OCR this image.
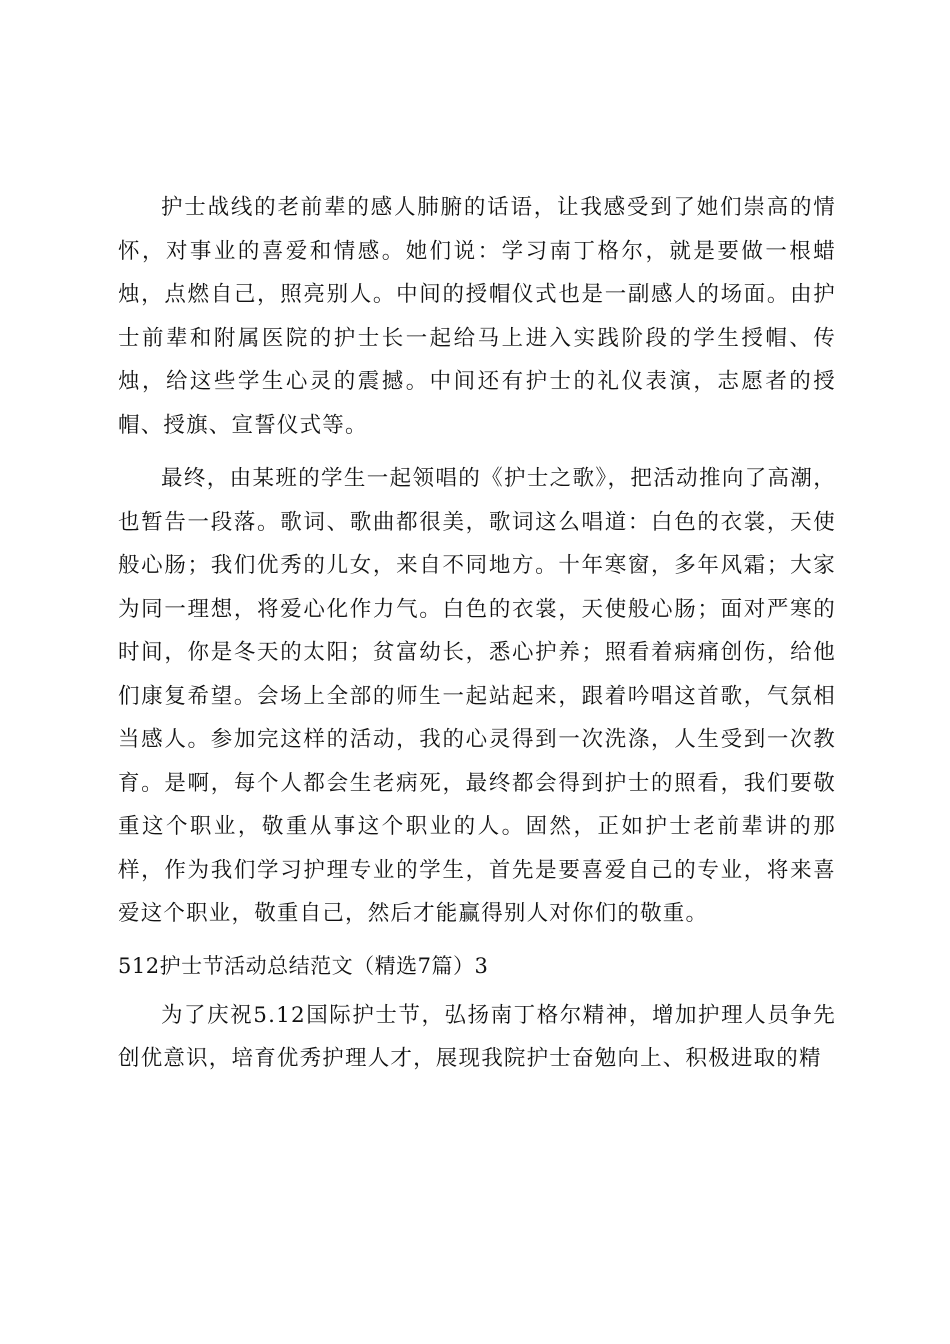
护士战线的老前辈的感人肺腑的话语，让我感受到了她们崇高的情怀，对事业的喜爱和情感。她们说：学习南丁格尔，就是要做一根蜡烛，点燃自己，照亮别人。中间的授帽仪式也是一副感人的场面。由护士前辈和附属医院的护士长一起给马上进入实践阶段的学生授帽、传烛，给这些学生心灵的震撼。中间还有护士的礼仪表演，志愿者的授帽、授旗、宣誓仪式等。

最终，由某班的学生一起领唱的《护士之歌》，把活动推向了高潮，也暂告一段落。歌词、歌曲都很美，歌词这么唱道：白色的衣裳，天使般心肠；我们优秀的儿女，来自不同地方。十年寒窗，多年风霜；大家为同一理想，将爱心化作力气。白色的衣裳，天使般心肠；面对严寒的时间，你是冬天的太阳；贫富幼长，悉心护养；照看着病痛创伤，给他们康复希望。会场上全部的师生一起站起来，跟着吟唱这首歌，气氛相当感人。参加完这样的活动，我的心灵得到一次洗涤，人生受到一次教育。是啊，每个人都会生老病死，最终都会得到护士的照看，我们要敬重这个职业，敬重从事这个职业的人。固然，正如护士老前辈讲的那样，作为我们学习护理专业的学生，首先是要喜爱自己的专业，将来喜爱这个职业，敬重自己，然后才能赢得别人对你们的敬重。

512护士节活动总结范文（精选7篇）3

为了庆祝5.12国际护士节，弘扬南丁格尔精神，增加护理人员争先创优意识，培育优秀护理人才，展现我院护士奋勉向上、积极进取的精
